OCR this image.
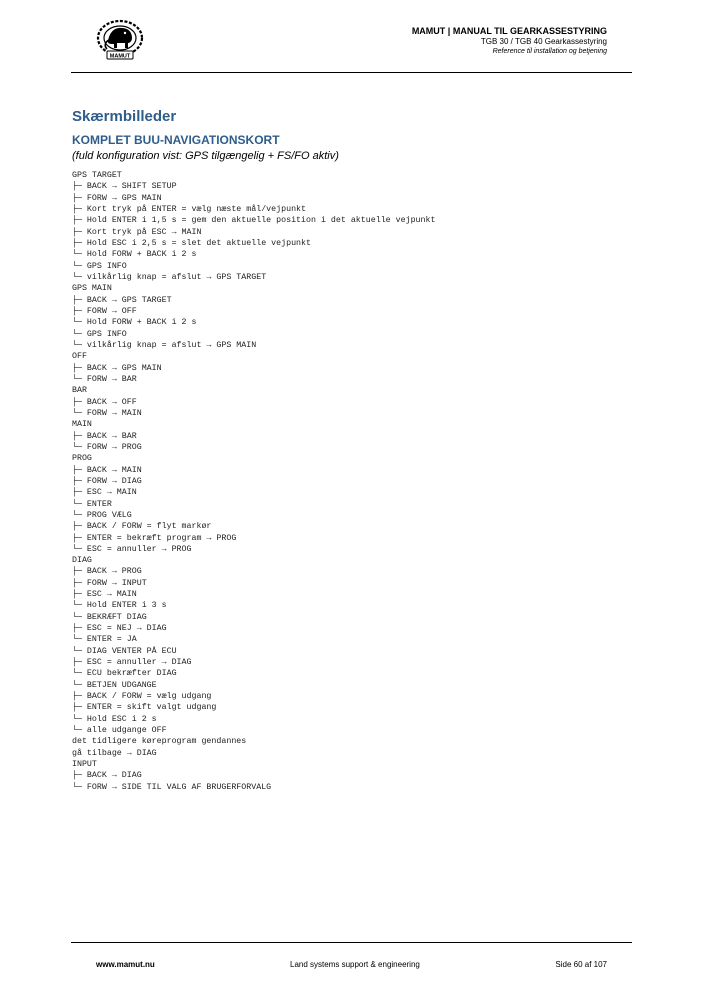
MAMUT
MAMUT | MANUAL TIL GEARKASSESTYRING
TGB 30 / TGB 40 Gearkassestyring
Reference til installation og betjening
Skærmbilleder
KOMPLET BUU-NAVIGATIONSKORT
(fuld konfiguration vist: GPS tilgængelig + FS/FO aktiv)
GPS TARGET
├─ BACK → SHIFT SETUP
├─ FORW → GPS MAIN
├─ Kort tryk på ENTER = vælg næste mål/vejpunkt
├─ Hold ENTER i 1,5 s = gem den aktuelle position i det aktuelle vejpunkt
├─ Kort tryk på ESC → MAIN
├─ Hold ESC i 2,5 s = slet det aktuelle vejpunkt
└─ Hold FORW + BACK i 2 s
└─ GPS INFO
└─ vilkårlig knap = afslut → GPS TARGET
GPS MAIN
├─ BACK → GPS TARGET
├─ FORW → OFF
└─ Hold FORW + BACK i 2 s
└─ GPS INFO
└─ vilkårlig knap = afslut → GPS MAIN
OFF
├─ BACK → GPS MAIN
└─ FORW → BAR
BAR
├─ BACK → OFF
└─ FORW → MAIN
MAIN
├─ BACK → BAR
└─ FORW → PROG
PROG
├─ BACK → MAIN
├─ FORW → DIAG
├─ ESC → MAIN
└─ ENTER
└─ PROG VÆLG
├─ BACK / FORW = flyt markør
├─ ENTER = bekræft program → PROG
└─ ESC = annuller → PROG
DIAG
├─ BACK → PROG
├─ FORW → INPUT
├─ ESC → MAIN
└─ Hold ENTER i 3 s
└─ BEKRÆFT DIAG
├─ ESC = NEJ → DIAG
└─ ENTER = JA
└─ DIAG VENTER PÅ ECU
├─ ESC = annuller → DIAG
└─ ECU bekræfter DIAG
└─ BETJEN UDGANGE
├─ BACK / FORW = vælg udgang
├─ ENTER = skift valgt udgang
└─ Hold ESC i 2 s
└─ alle udgange OFF
det tidligere køreprogram gendannes
gå tilbage → DIAG
INPUT
├─ BACK → DIAG
└─ FORW → SIDE TIL VALG AF BRUGERFORVALG
www.mamut.nu	Land systems support & engineering	Side 60 af 107
